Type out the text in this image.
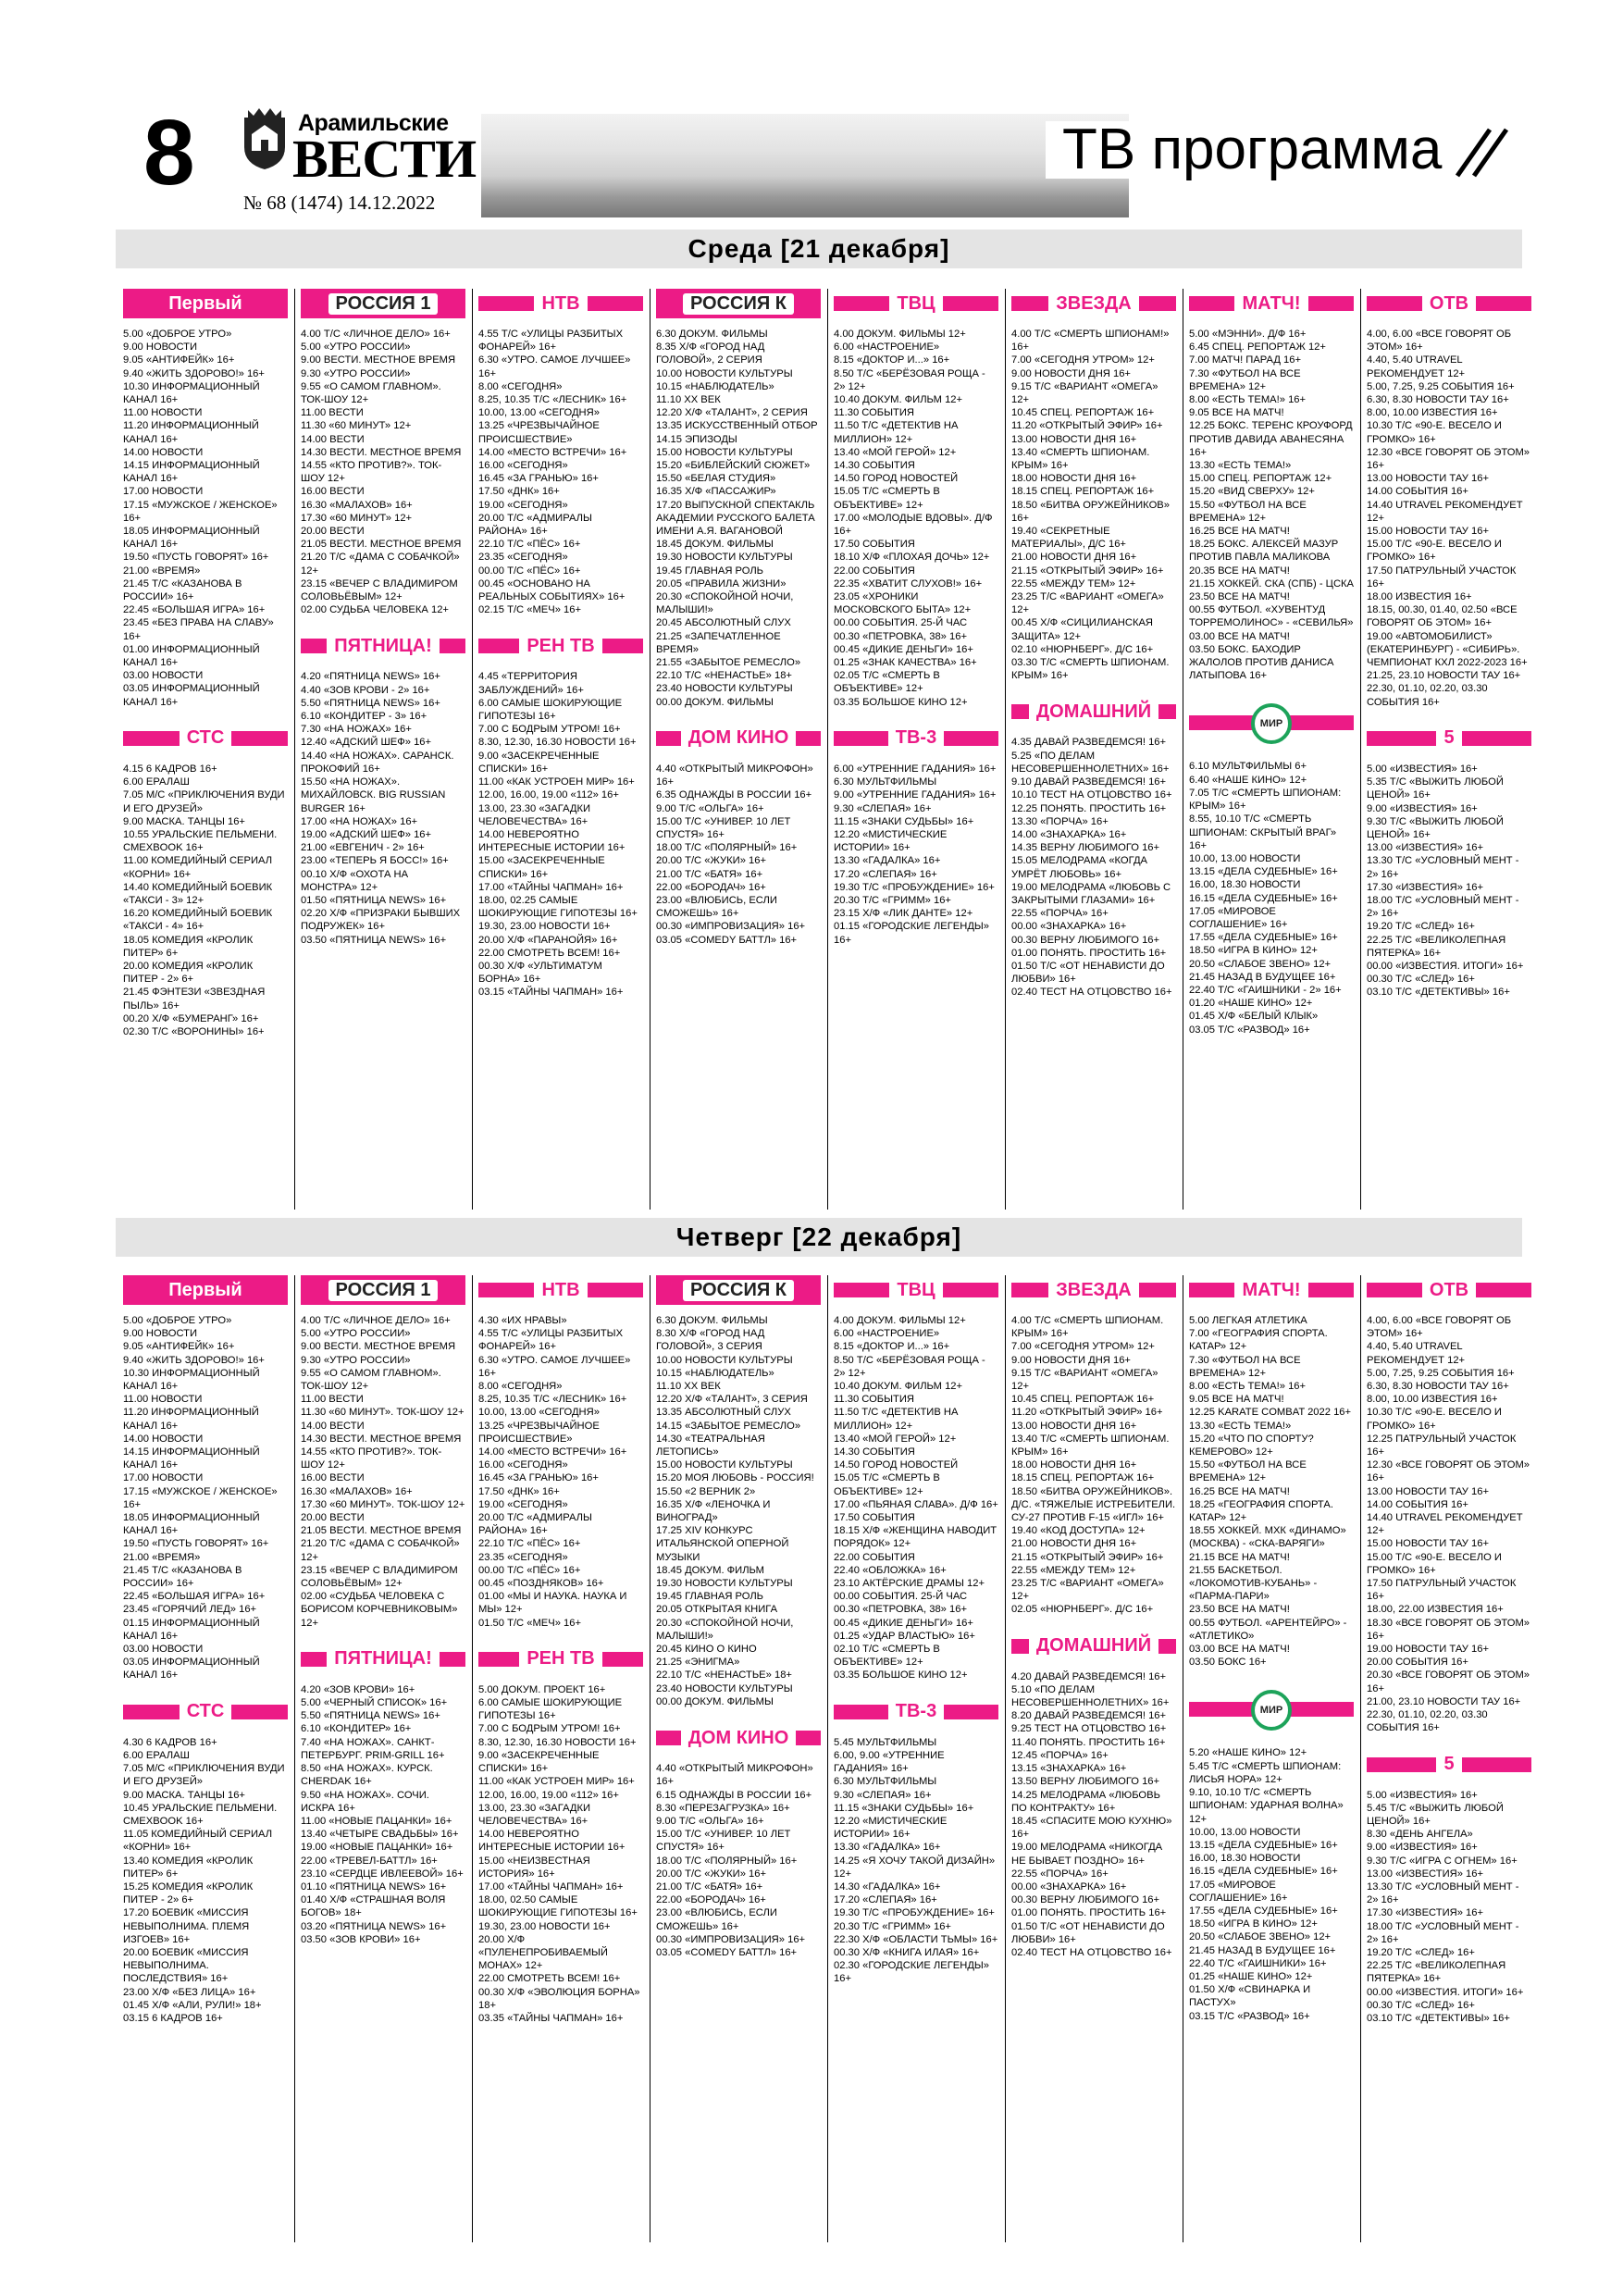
8	Арамильские
ВЕСТИ
№ 68 (1474) 14.12.2022
ТВ программа
Среда [21 декабря]
Первый
5.00 «ДОБРОЕ УТРО»
9.00 НОВОСТИ
9.05 «АНТИФЕЙК» 16+
9.40 «ЖИТЬ ЗДОРОВО!» 16+
10.30 ИНФОРМАЦИОННЫЙ КАНАЛ 16+
11.00 НОВОСТИ
11.20 ИНФОРМАЦИОННЫЙ КАНАЛ 16+
14.00 НОВОСТИ
14.15 ИНФОРМАЦИОННЫЙ КАНАЛ 16+
17.00 НОВОСТИ
17.15 «МУЖСКОЕ / ЖЕНСКОЕ» 16+
18.05 ИНФОРМАЦИОННЫЙ КАНАЛ 16+
19.50 «ПУСТЬ ГОВОРЯТ» 16+
21.00 «ВРЕМЯ»
21.45 Т/С «КАЗАНОВА В РОССИИ» 16+
22.45 «БОЛЬШАЯ ИГРА» 16+
23.45 «БЕЗ ПРАВА НА СЛАВУ» 16+
01.00 ИНФОРМАЦИОННЫЙ КАНАЛ 16+
03.00 НОВОСТИ
03.05 ИНФОРМАЦИОННЫЙ КАНАЛ 16+
СТС
4.15 6 КАДРОВ 16+
6.00 ЕРАЛАШ
7.05 М/С «ПРИКЛЮЧЕНИЯ ВУДИ И ЕГО ДРУЗЕЙ»
9.00 МАСКА. ТАНЦЫ 16+
10.55 УРАЛЬСКИЕ ПЕЛЬМЕНИ. СМЕХBOOK 16+
11.00 КОМЕДИЙНЫЙ СЕРИАЛ «КОРНИ» 16+
14.40 КОМЕДИЙНЫЙ БОЕВИК «ТАКСИ - 3» 12+
16.20 КОМЕДИЙНЫЙ БОЕВИК «ТАКСИ - 4» 16+
18.05 КОМЕДИЯ «КРОЛИК ПИТЕР» 6+
20.00 КОМЕДИЯ «КРОЛИК ПИТЕР - 2» 6+
21.45 ФЭНТЕЗИ «ЗВЕЗДНАЯ ПЫЛЬ» 16+
00.20 Х/Ф «БУМЕРАНГ» 16+
02.30 Т/С «ВОРОНИНЫ» 16+
РОССИЯ 1
4.00 Т/С «ЛИЧНОЕ ДЕЛО» 16+
5.00 «УТРО РОССИИ»
9.00 ВЕСТИ. МЕСТНОЕ ВРЕМЯ
9.30 «УТРО РОССИИ»
9.55 «О САМОМ ГЛАВНОМ». ТОК-ШОУ 12+
11.00 ВЕСТИ
11.30 «60 МИНУТ» 12+
14.00 ВЕСТИ
14.30 ВЕСТИ. МЕСТНОЕ ВРЕМЯ
14.55 «КТО ПРОТИВ?». ТОК-ШОУ 12+
16.00 ВЕСТИ
16.30 «МАЛАХОВ» 16+
17.30 «60 МИНУТ» 12+
20.00 ВЕСТИ
21.05 ВЕСТИ. МЕСТНОЕ ВРЕМЯ
21.20 Т/С «ДАМА С СОБАЧКОЙ» 12+
23.15 «ВЕЧЕР С ВЛАДИМИРОМ СОЛОВЬЁВЫМ» 12+
02.00 СУДЬБА ЧЕЛОВЕКА 12+
ПЯТНИЦА!
4.20 «ПЯТНИЦА NEWS» 16+
4.40 «ЗОВ КРОВИ - 2» 16+
5.50 «ПЯТНИЦА NEWS» 16+
6.10 «КОНДИТЕР - 3» 16+
7.30 «НА НОЖАХ» 16+
12.40 «АДСКИЙ ШЕФ» 16+
14.40 «НА НОЖАХ». САРАНСК. ПРОКОФИЙ 16+
15.50 «НА НОЖАХ». МИХАЙЛОВСК. BIG RUSSIAN BURGER 16+
17.00 «НА НОЖАХ» 16+
19.00 «АДСКИЙ ШЕФ» 16+
21.00 «ЕВГЕНИЧ - 2» 16+
23.00 «ТЕПЕРЬ Я БОСС!» 16+
00.10 Х/Ф «ОХОТА НА МОНСТРА» 12+
01.50 «ПЯТНИЦА NEWS» 16+
02.20 Х/Ф «ПРИЗРАКИ БЫВШИХ ПОДРУЖЕК» 16+
03.50 «ПЯТНИЦА NEWS» 16+
НТВ
4.55 Т/С «УЛИЦЫ РАЗБИТЫХ ФОНАРЕЙ» 16+
6.30 «УТРО. САМОЕ ЛУЧШЕЕ» 16+
8.00 «СЕГОДНЯ»
8.25, 10.35 Т/С «ЛЕСНИК» 16+
10.00, 13.00 «СЕГОДНЯ»
13.25 «ЧРЕЗВЫЧАЙНОЕ ПРОИСШЕСТВИЕ»
14.00 «МЕСТО ВСТРЕЧИ» 16+
16.00 «СЕГОДНЯ»
16.45 «ЗА ГРАНЬЮ» 16+
17.50 «ДНК» 16+
19.00 «СЕГОДНЯ»
20.00 Т/С «АДМИРАЛЫ РАЙОНА» 16+
22.10 Т/С «ПЁС» 16+
23.35 «СЕГОДНЯ»
00.00 Т/С «ПЁС» 16+
00.45 «ОСНОВАНО НА РЕАЛЬНЫХ СОБЫТИЯХ» 16+
02.15 Т/С «МЕЧ» 16+
РЕН ТВ
4.45 «ТЕРРИТОРИЯ ЗАБЛУЖДЕНИЙ» 16+
6.00 САМЫЕ ШОКИРУЮЩИЕ ГИПОТЕЗЫ 16+
7.00 С БОДРЫМ УТРОМ! 16+
8.30, 12.30, 16.30 НОВОСТИ 16+
9.00 «ЗАСЕКРЕЧЕННЫЕ СПИСКИ» 16+
11.00 «КАК УСТРОЕН МИР» 16+
12.00, 16.00, 19.00 «112» 16+
13.00, 23.30 «ЗАГАДКИ ЧЕЛОВЕЧЕСТВА» 16+
14.00 НЕВЕРОЯТНО ИНТЕРЕСНЫЕ ИСТОРИИ 16+
15.00 «ЗАСЕКРЕЧЕННЫЕ СПИСКИ» 16+
17.00 «ТАЙНЫ ЧАПМАН» 16+
18.00, 02.25 САМЫЕ ШОКИРУЮЩИЕ ГИПОТЕЗЫ 16+
19.30, 23.00 НОВОСТИ 16+
20.00 Х/Ф «ПАРАНОЙЯ» 16+
22.00 СМОТРЕТЬ ВСЕМ! 16+
00.30 Х/Ф «УЛЬТИМАТУМ БОРНА» 16+
03.15 «ТАЙНЫ ЧАПМАН» 16+
РОССИЯ К
6.30 ДОКУМ. ФИЛЬМЫ
8.35 Х/Ф «ГОРОД НАД ГОЛОВОЙ», 2 СЕРИЯ
10.00 НОВОСТИ КУЛЬТУРЫ
10.15 «НАБЛЮДАТЕЛЬ»
11.10 XX ВЕК
12.20 Х/Ф «ТАЛАНТ», 2 СЕРИЯ
13.35 ИСКУССТВЕННЫЙ ОТБОР
14.15 ЭПИЗОДЫ
15.00 НОВОСТИ КУЛЬТУРЫ
15.20 «БИБЛЕЙСКИЙ СЮЖЕТ»
15.50 «БЕЛАЯ СТУДИЯ»
16.35 Х/Ф «ПАССАЖИР»
17.20 ВЫПУСКНОЙ СПЕКТАКЛЬ АКАДЕМИИ РУССКОГО БАЛЕТА ИМЕНИ А.Я. ВАГАНОВОЙ
18.45 ДОКУМ. ФИЛЬМЫ
19.30 НОВОСТИ КУЛЬТУРЫ
19.45 ГЛАВНАЯ РОЛЬ
20.05 «ПРАВИЛА ЖИЗНИ»
20.30 «СПОКОЙНОЙ НОЧИ, МАЛЫШИ!»
20.45 АБСОЛЮТНЫЙ СЛУХ
21.25 «ЗАПЕЧАТЛЕННОЕ ВРЕМЯ»
21.55 «ЗАБЫТОЕ РЕМЕСЛО»
22.10 Т/С «НЕНАСТЬЕ» 18+
23.40 НОВОСТИ КУЛЬТУРЫ
00.00 ДОКУМ. ФИЛЬМЫ
ДОМ КИНО
4.40 «ОТКРЫТЫЙ МИКРОФОН» 16+
6.35 ОДНАЖДЫ В РОССИИ 16+
9.00 Т/С «ОЛЬГА» 16+
15.00 Т/С «УНИВЕР. 10 ЛЕТ СПУСТЯ» 16+
18.00 Т/С «ПОЛЯРНЫЙ» 16+
20.00 Т/С «ЖУКИ» 16+
21.00 Т/С «БАТЯ» 16+
22.00 «БОРОДАЧ» 16+
23.00 «ВЛЮБИСЬ, ЕСЛИ СМОЖЕШЬ» 16+
00.30 «ИМПРОВИЗАЦИЯ» 16+
03.05 «COMEDY БАТТЛ» 16+
ТВЦ
4.00 ДОКУМ. ФИЛЬМЫ 12+
6.00 «НАСТРОЕНИЕ»
8.15 «ДОКТОР И...» 16+
8.50 Т/С «БЕРЁЗОВАЯ РОЩА - 2» 12+
10.40 ДОКУМ. ФИЛЬМ 12+
11.30 СОБЫТИЯ
11.50 Т/С «ДЕТЕКТИВ НА МИЛЛИОН» 12+
13.40 «МОЙ ГЕРОЙ» 12+
14.30 СОБЫТИЯ
14.50 ГОРОД НОВОСТЕЙ
15.05 Т/С «СМЕРТЬ В ОБЪЕКТИВЕ» 12+
17.00 «МОЛОДЫЕ ВДОВЫ». Д/Ф 16+
17.50 СОБЫТИЯ
18.10 Х/Ф «ПЛОХАЯ ДОЧЬ» 12+
22.00 СОБЫТИЯ
22.35 «ХВАТИТ СЛУХОВ!» 16+
23.05 «ХРОНИКИ МОСКОВСКОГО БЫТА» 12+
00.00 СОБЫТИЯ. 25-Й ЧАС
00.30 «ПЕТРОВКА, 38» 16+
00.45 «ДИКИЕ ДЕНЬГИ» 16+
01.25 «ЗНАК КАЧЕСТВА» 16+
02.05 Т/С «СМЕРТЬ В ОБЪЕКТИВЕ» 12+
03.35 БОЛЬШОЕ КИНО 12+
ТВ-3
6.00 «УТРЕННИЕ ГАДАНИЯ» 16+
6.30 МУЛЬТФИЛЬМЫ
9.00 «УТРЕННИЕ ГАДАНИЯ» 16+
9.30 «СЛЕПАЯ» 16+
11.15 «ЗНАКИ СУДЬБЫ» 16+
12.20 «МИСТИЧЕСКИЕ ИСТОРИИ» 16+
13.30 «ГАДАЛКА» 16+
17.20 «СЛЕПАЯ» 16+
19.30 Т/С «ПРОБУЖДЕНИЕ» 16+
20.30 Т/С «ГРИММ» 16+
23.15 Х/Ф «ЛИК ДАНТЕ» 12+
01.15 «ГОРОДСКИЕ ЛЕГЕНДЫ» 16+
ЗВЕЗДА
4.00 Т/С «СМЕРТЬ ШПИОНАМ!» 16+
7.00 «СЕГОДНЯ УТРОМ» 12+
9.00 НОВОСТИ ДНЯ 16+
9.15 Т/С «ВАРИАНТ «ОМЕГА» 12+
10.45 СПЕЦ. РЕПОРТАЖ 16+
11.20 «ОТКРЫТЫЙ ЭФИР» 16+
13.00 НОВОСТИ ДНЯ 16+
13.40 «СМЕРТЬ ШПИОНАМ. КРЫМ» 16+
18.00 НОВОСТИ ДНЯ 16+
18.15 СПЕЦ. РЕПОРТАЖ 16+
18.50 «БИТВА ОРУЖЕЙНИКОВ» 16+
19.40 «СЕКРЕТНЫЕ МАТЕРИАЛЫ», Д/С 16+
21.00 НОВОСТИ ДНЯ 16+
21.15 «ОТКРЫТЫЙ ЭФИР» 16+
22.55 «МЕЖДУ ТЕМ» 12+
23.25 Т/С «ВАРИАНТ «ОМЕГА» 12+
00.45 Х/Ф «СИЦИЛИАНСКАЯ ЗАЩИТА» 12+
02.10 «НЮРНБЕРГ». Д/С 16+
03.30 Т/С «СМЕРТЬ ШПИОНАМ. КРЫМ» 16+
ДОМАШНИЙ
4.35 ДАВАЙ РАЗВЕДЕМСЯ! 16+
5.25 «ПО ДЕЛАМ НЕСОВЕРШЕННОЛЕТНИХ» 16+
9.10 ДАВАЙ РАЗВЕДЕМСЯ! 16+
10.10 ТЕСТ НА ОТЦОВСТВО 16+
12.25 ПОНЯТЬ. ПРОСТИТЬ 16+
13.30 «ПОРЧА» 16+
14.00 «ЗНАХАРКА» 16+
14.35 ВЕРНУ ЛЮБИМОГО 16+
15.05 МЕЛОДРАМА «КОГДА УМРЁТ ЛЮБОВЬ» 16+
19.00 МЕЛОДРАМА «ЛЮБОВЬ С ЗАКРЫТЫМИ ГЛАЗАМИ» 16+
22.55 «ПОРЧА» 16+
00.00 «ЗНАХАРКА» 16+
00.30 ВЕРНУ ЛЮБИМОГО 16+
01.00 ПОНЯТЬ. ПРОСТИТЬ 16+
01.50 Т/С «ОТ НЕНАВИСТИ ДО ЛЮБВИ» 16+
02.40 ТЕСТ НА ОТЦОВСТВО 16+
МАТЧ!
5.00 «МЭННИ». Д/Ф 16+
6.45 СПЕЦ. РЕПОРТАЖ 12+
7.00 МАТЧ! ПАРАД 16+
7.30 «ФУТБОЛ НА ВСЕ ВРЕМЕНА» 12+
8.00 «ЕСТЬ ТЕМА!» 16+
9.05 ВСЕ НА МАТЧ!
12.25 БОКС. ТЕРЕНС КРОУФОРД ПРОТИВ ДАВИДА АВАНЕСЯНА 16+
13.30 «ЕСТЬ ТЕМА!»
15.00 СПЕЦ. РЕПОРТАЖ 12+
15.20 «ВИД СВЕРХУ» 12+
15.50 «ФУТБОЛ НА ВСЕ ВРЕМЕНА» 12+
16.25 ВСЕ НА МАТЧ!
18.25 БОКС. АЛЕКСЕЙ МАЗУР ПРОТИВ ПАВЛА МАЛИКОВА
20.35 ВСЕ НА МАТЧ!
21.15 ХОККЕЙ. СКА (СПБ) - ЦСКА
23.50 ВСЕ НА МАТЧ!
00.55 ФУТБОЛ. «ХУВЕНТУД ТОРРЕМОЛИНОС» - «СЕВИЛЬЯ»
03.00 ВСЕ НА МАТЧ!
03.50 БОКС. БАХОДИР ЖАЛОЛОВ ПРОТИВ ДАНИСА ЛАТЫПОВА 16+
МИР
6.10 МУЛЬТФИЛЬМЫ 6+
6.40 «НАШЕ КИНО» 12+
7.05 Т/С «СМЕРТЬ ШПИОНАМ: КРЫМ» 16+
8.55, 10.10 Т/С «СМЕРТЬ ШПИОНАМ: СКРЫТЫЙ ВРАГ» 16+
10.00, 13.00 НОВОСТИ
13.15 «ДЕЛА СУДЕБНЫЕ» 16+
16.00, 18.30 НОВОСТИ
16.15 «ДЕЛА СУДЕБНЫЕ» 16+
17.05 «МИРОВОЕ СОГЛАШЕНИЕ» 16+
17.55 «ДЕЛА СУДЕБНЫЕ» 16+
18.50 «ИГРА В КИНО» 12+
20.50 «СЛАБОЕ ЗВЕНО» 12+
21.45 НАЗАД В БУДУЩЕЕ 16+
22.40 Т/С «ГАИШНИКИ - 2» 16+
01.20 «НАШЕ КИНО» 12+
01.45 Х/Ф «БЕЛЫЙ КЛЫК»
03.05 Т/С «РАЗВОД» 16+
ОТВ
4.00, 6.00 «ВСЕ ГОВОРЯТ ОБ ЭТОМ» 16+
4.40, 5.40 UTRAVEL РЕКОМЕНДУЕТ 12+
5.00, 7.25, 9.25 СОБЫТИЯ 16+
6.30, 8.30 НОВОСТИ ТАУ 16+
8.00, 10.00 ИЗВЕСТИЯ 16+
10.30 Т/С «90-Е. ВЕСЕЛО И ГРОМКО» 16+
12.30 «ВСЕ ГОВОРЯТ ОБ ЭТОМ» 16+
13.00 НОВОСТИ ТАУ 16+
14.00 СОБЫТИЯ 16+
14.40 UTRAVEL РЕКОМЕНДУЕТ 12+
15.00 НОВОСТИ ТАУ 16+
15.00 Т/С «90-Е. ВЕСЕЛО И ГРОМКО» 16+
17.50 ПАТРУЛЬНЫЙ УЧАСТОК 16+
18.00 ИЗВЕСТИЯ 16+
18.15, 00.30, 01.40, 02.50 «ВСЕ ГОВОРЯТ ОБ ЭТОМ» 16+
19.00 «АВТОМОБИЛИСТ» (ЕКАТЕРИНБУРГ) - «СИБИРЬ». ЧЕМПИОНАТ КХЛ 2022-2023 16+
21.25, 23.10 НОВОСТИ ТАУ 16+
22.30, 01.10, 02.20, 03.30 СОБЫТИЯ 16+
5
5.00 «ИЗВЕСТИЯ» 16+
5.35 Т/С «ВЫЖИТЬ ЛЮБОЙ ЦЕНОЙ» 16+
9.00 «ИЗВЕСТИЯ» 16+
9.30 Т/С «ВЫЖИТЬ ЛЮБОЙ ЦЕНОЙ» 16+
13.00 «ИЗВЕСТИЯ» 16+
13.30 Т/С «УСЛОВНЫЙ МЕНТ - 2» 16+
17.30 «ИЗВЕСТИЯ» 16+
18.00 Т/С «УСЛОВНЫЙ МЕНТ - 2» 16+
19.20 Т/С «СЛЕД» 16+
22.25 Т/С «ВЕЛИКОЛЕПНАЯ ПЯТЕРКА» 16+
00.00 «ИЗВЕСТИЯ. ИТОГИ» 16+
00.30 Т/С «СЛЕД» 16+
03.10 Т/С «ДЕТЕКТИВЫ» 16+
Четверг [22 декабря]
Первый
5.00 «ДОБРОЕ УТРО»
9.00 НОВОСТИ
9.05 «АНТИФЕЙК» 16+
9.40 «ЖИТЬ ЗДОРОВО!» 16+
10.30 ИНФОРМАЦИОННЫЙ КАНАЛ 16+
11.00 НОВОСТИ
11.20 ИНФОРМАЦИОННЫЙ КАНАЛ 16+
14.00 НОВОСТИ
14.15 ИНФОРМАЦИОННЫЙ КАНАЛ 16+
17.00 НОВОСТИ
17.15 «МУЖСКОЕ / ЖЕНСКОЕ» 16+
18.05 ИНФОРМАЦИОННЫЙ КАНАЛ 16+
19.50 «ПУСТЬ ГОВОРЯТ» 16+
21.00 «ВРЕМЯ»
21.45 Т/С «КАЗАНОВА В РОССИИ» 16+
22.45 «БОЛЬШАЯ ИГРА» 16+
23.45 «ГОРЯЧИЙ ЛЕД» 16+
01.15 ИНФОРМАЦИОННЫЙ КАНАЛ 16+
03.00 НОВОСТИ
03.05 ИНФОРМАЦИОННЫЙ КАНАЛ 16+
СТС
4.30 6 КАДРОВ 16+
6.00 ЕРАЛАШ
7.05 М/С «ПРИКЛЮЧЕНИЯ ВУДИ И ЕГО ДРУЗЕЙ»
9.00 МАСКА. ТАНЦЫ 16+
10.45 УРАЛЬСКИЕ ПЕЛЬМЕНИ. СМЕХBOOK 16+
11.05 КОМЕДИЙНЫЙ СЕРИАЛ «КОРНИ» 16+
13.40 КОМЕДИЯ «КРОЛИК ПИТЕР» 6+
15.25 КОМЕДИЯ «КРОЛИК ПИТЕР - 2» 6+
17.20 БОЕВИК «МИССИЯ НЕВЫПОЛНИМА. ПЛЕМЯ ИЗГОЕВ» 16+
20.00 БОЕВИК «МИССИЯ НЕВЫПОЛНИМА. ПОСЛЕДСТВИЯ» 16+
23.00 Х/Ф «БЕЗ ЛИЦА» 16+
01.45 Х/Ф «АЛИ, РУЛИ!» 18+
03.15 6 КАДРОВ 16+
РОССИЯ 1
4.00 Т/С «ЛИЧНОЕ ДЕЛО» 16+
5.00 «УТРО РОССИИ»
9.00 ВЕСТИ. МЕСТНОЕ ВРЕМЯ
9.30 «УТРО РОССИИ»
9.55 «О САМОМ ГЛАВНОМ». ТОК-ШОУ 12+
11.00 ВЕСТИ
11.30 «60 МИНУТ». ТОК-ШОУ 12+
14.00 ВЕСТИ
14.30 ВЕСТИ. МЕСТНОЕ ВРЕМЯ
14.55 «КТО ПРОТИВ?». ТОК-ШОУ 12+
16.00 ВЕСТИ
16.30 «МАЛАХОВ» 16+
17.30 «60 МИНУТ». ТОК-ШОУ 12+
20.00 ВЕСТИ
21.05 ВЕСТИ. МЕСТНОЕ ВРЕМЯ
21.20 Т/С «ДАМА С СОБАЧКОЙ» 12+
23.15 «ВЕЧЕР С ВЛАДИМИРОМ СОЛОВЬЁВЫМ» 12+
02.00 «СУДЬБА ЧЕЛОВЕКА С БОРИСОМ КОРЧЕВНИКОВЫМ» 12+
ПЯТНИЦА!
4.20 «ЗОВ КРОВИ» 16+
5.00 «ЧЕРНЫЙ СПИСОК» 16+
5.50 «ПЯТНИЦА NEWS» 16+
6.10 «КОНДИТЕР» 16+
7.40 «НА НОЖАХ». САНКТ-ПЕТЕРБУРГ. PRIM-GRILL 16+
8.50 «НА НОЖАХ». КУРСК. CHERDAK 16+
9.50 «НА НОЖАХ». СОЧИ. ИСКРА 16+
11.00 «НОВЫЕ ПАЦАНКИ» 16+
13.40 «ЧЕТЫРЕ СВАДЬБЫ» 16+
19.00 «НОВЫЕ ПАЦАНКИ» 16+
22.00 «ТРЕВЕЛ-БАТТЛ» 16+
23.10 «СЕРДЦЕ ИВЛЕЕВОЙ» 16+
01.10 «ПЯТНИЦА NEWS» 16+
01.40 Х/Ф «СТРАШНАЯ ВОЛЯ БОГОВ» 18+
03.20 «ПЯТНИЦА NEWS» 16+
03.50 «ЗОВ КРОВИ» 16+
НТВ
4.30 «ИХ НРАВЫ»
4.55 Т/С «УЛИЦЫ РАЗБИТЫХ ФОНАРЕЙ» 16+
6.30 «УТРО. САМОЕ ЛУЧШЕЕ» 16+
8.00 «СЕГОДНЯ»
8.25, 10.35 Т/С «ЛЕСНИК» 16+
10.00, 13.00 «СЕГОДНЯ»
13.25 «ЧРЕЗВЫЧАЙНОЕ ПРОИСШЕСТВИЕ»
14.00 «МЕСТО ВСТРЕЧИ» 16+
16.00 «СЕГОДНЯ»
16.45 «ЗА ГРАНЬЮ» 16+
17.50 «ДНК» 16+
19.00 «СЕГОДНЯ»
20.00 Т/С «АДМИРАЛЫ РАЙОНА» 16+
22.10 Т/С «ПЁС» 16+
23.35 «СЕГОДНЯ»
00.00 Т/С «ПЁС» 16+
00.45 «ПОЗДНЯКОВ» 16+
01.00 «МЫ И НАУКА. НАУКА И МЫ» 12+
01.50 Т/С «МЕЧ» 16+
РЕН ТВ
5.00 ДОКУМ. ПРОЕКТ 16+
6.00 САМЫЕ ШОКИРУЮЩИЕ ГИПОТЕЗЫ 16+
7.00 С БОДРЫМ УТРОМ! 16+
8.30, 12.30, 16.30 НОВОСТИ 16+
9.00 «ЗАСЕКРЕЧЕННЫЕ СПИСКИ» 16+
11.00 «КАК УСТРОЕН МИР» 16+
12.00, 16.00, 19.00 «112» 16+
13.00, 23.30 «ЗАГАДКИ ЧЕЛОВЕЧЕСТВА» 16+
14.00 НЕВЕРОЯТНО ИНТЕРЕСНЫЕ ИСТОРИИ 16+
15.00 «НЕИЗВЕСТНАЯ ИСТОРИЯ» 16+
17.00 «ТАЙНЫ ЧАПМАН» 16+
18.00, 02.50 САМЫЕ ШОКИРУЮЩИЕ ГИПОТЕЗЫ 16+
19.30, 23.00 НОВОСТИ 16+
20.00 Х/Ф «ПУЛЕНЕПРОБИВАЕМЫЙ МОНАХ» 12+
22.00 СМОТРЕТЬ ВСЕМ! 16+
00.30 Х/Ф «ЭВОЛЮЦИЯ БОРНА» 18+
03.35 «ТАЙНЫ ЧАПМАН» 16+
РОССИЯ К
6.30 ДОКУМ. ФИЛЬМЫ
8.30 Х/Ф «ГОРОД НАД ГОЛОВОЙ», 3 СЕРИЯ
10.00 НОВОСТИ КУЛЬТУРЫ
10.15 «НАБЛЮДАТЕЛЬ»
11.10 XX ВЕК
12.20 Х/Ф «ТАЛАНТ», 3 СЕРИЯ
13.35 АБСОЛЮТНЫЙ СЛУХ
14.15 «ЗАБЫТОЕ РЕМЕСЛО»
14.30 «ТЕАТРАЛЬНАЯ ЛЕТОПИСЬ»
15.00 НОВОСТИ КУЛЬТУРЫ
15.20 МОЯ ЛЮБОВЬ - РОССИЯ!
15.50 «2 ВЕРНИК 2»
16.35 Х/Ф «ЛЕНОЧКА И ВИНОГРАД»
17.25 XIV КОНКУРС ИТАЛЬЯНСКОЙ ОПЕРНОЙ МУЗЫКИ
18.45 ДОКУМ. ФИЛЬМ
19.30 НОВОСТИ КУЛЬТУРЫ
19.45 ГЛАВНАЯ РОЛЬ
20.05 ОТКРЫТАЯ КНИГА
20.30 «СПОКОЙНОЙ НОЧИ, МАЛЫШИ!»
20.45 КИНО О КИНО
21.25 «ЭНИГМА»
22.10 Т/С «НЕНАСТЬЕ» 18+
23.40 НОВОСТИ КУЛЬТУРЫ
00.00 ДОКУМ. ФИЛЬМЫ
ДОМ КИНО
4.40 «ОТКРЫТЫЙ МИКРОФОН» 16+
6.15 ОДНАЖДЫ В РОССИИ 16+
8.30 «ПЕРЕЗАГРУЗКА» 16+
9.00 Т/С «ОЛЬГА» 16+
15.00 Т/С «УНИВЕР. 10 ЛЕТ СПУСТЯ» 16+
18.00 Т/С «ПОЛЯРНЫЙ» 16+
20.00 Т/С «ЖУКИ» 16+
21.00 Т/С «БАТЯ» 16+
22.00 «БОРОДАЧ» 16+
23.00 «ВЛЮБИСЬ, ЕСЛИ СМОЖЕШЬ» 16+
00.30 «ИМПРОВИЗАЦИЯ» 16+
03.05 «COMEDY БАТТЛ» 16+
ТВЦ
4.00 ДОКУМ. ФИЛЬМЫ 12+
6.00 «НАСТРОЕНИЕ»
8.15 «ДОКТОР И...» 16+
8.50 Т/С «БЕРЁЗОВАЯ РОЩА - 2» 12+
10.40 ДОКУМ. ФИЛЬМ 12+
11.30 СОБЫТИЯ
11.50 Т/С «ДЕТЕКТИВ НА МИЛЛИОН» 12+
13.40 «МОЙ ГЕРОЙ» 12+
14.30 СОБЫТИЯ
14.50 ГОРОД НОВОСТЕЙ
15.05 Т/С «СМЕРТЬ В ОБЪЕКТИВЕ» 12+
17.00 «ПЬЯНАЯ СЛАВА». Д/Ф 16+
17.50 СОБЫТИЯ
18.15 Х/Ф «ЖЕНЩИНА НАВОДИТ ПОРЯДОК» 12+
22.00 СОБЫТИЯ
22.40 «ОБЛОЖКА» 16+
23.10 АКТЁРСКИЕ ДРАМЫ 12+
00.00 СОБЫТИЯ. 25-Й ЧАС
00.30 «ПЕТРОВКА, 38» 16+
00.45 «ДИКИЕ ДЕНЬГИ» 16+
01.25 «УДАР ВЛАСТЬЮ» 16+
02.10 Т/С «СМЕРТЬ В ОБЪЕКТИВЕ» 12+
03.35 БОЛЬШОЕ КИНО 12+
ТВ-3
5.45 МУЛЬТФИЛЬМЫ
6.00, 9.00 «УТРЕННИЕ ГАДАНИЯ» 16+
6.30 МУЛЬТФИЛЬМЫ
9.30 «СЛЕПАЯ» 16+
11.15 «ЗНАКИ СУДЬБЫ» 16+
12.20 «МИСТИЧЕСКИЕ ИСТОРИИ» 16+
13.30 «ГАДАЛКА» 16+
14.25 «Я ХОЧУ ТАКОЙ ДИЗАЙН» 12+
14.30 «ГАДАЛКА» 16+
17.20 «СЛЕПАЯ» 16+
19.30 Т/С «ПРОБУЖДЕНИЕ» 16+
20.30 Т/С «ГРИММ» 16+
22.30 Х/Ф «ОБЛАСТИ ТЬМЫ» 16+
00.30 Х/Ф «КНИГА ИЛАЯ» 16+
02.30 «ГОРОДСКИЕ ЛЕГЕНДЫ» 16+
ЗВЕЗДА
4.00 Т/С «СМЕРТЬ ШПИОНАМ. КРЫМ» 16+
7.00 «СЕГОДНЯ УТРОМ» 12+
9.00 НОВОСТИ ДНЯ 16+
9.15 Т/С «ВАРИАНТ «ОМЕГА» 12+
10.45 СПЕЦ. РЕПОРТАЖ 16+
11.20 «ОТКРЫТЫЙ ЭФИР» 16+
13.00 НОВОСТИ ДНЯ 16+
13.40 Т/С «СМЕРТЬ ШПИОНАМ. КРЫМ» 16+
18.00 НОВОСТИ ДНЯ 16+
18.15 СПЕЦ. РЕПОРТАЖ 16+
18.50 «БИТВА ОРУЖЕЙНИКОВ». Д/С. «ТЯЖЕЛЫЕ ИСТРЕБИТЕЛИ. СУ-27 ПРОТИВ F-15 «ИГЛ» 16+
19.40 «КОД ДОСТУПА» 12+
21.00 НОВОСТИ ДНЯ 16+
21.15 «ОТКРЫТЫЙ ЭФИР» 16+
22.55 «МЕЖДУ ТЕМ» 12+
23.25 Т/С «ВАРИАНТ «ОМЕГА» 12+
02.05 «НЮРНБЕРГ». Д/С 16+
ДОМАШНИЙ
4.20 ДАВАЙ РАЗВЕДЕМСЯ! 16+
5.10 «ПО ДЕЛАМ НЕСОВЕРШЕННОЛЕТНИХ» 16+
8.20 ДАВАЙ РАЗВЕДЕМСЯ! 16+
9.25 ТЕСТ НА ОТЦОВСТВО 16+
11.40 ПОНЯТЬ. ПРОСТИТЬ 16+
12.45 «ПОРЧА» 16+
13.15 «ЗНАХАРКА» 16+
13.50 ВЕРНУ ЛЮБИМОГО 16+
14.25 МЕЛОДРАМА «ЛЮБОВЬ ПО КОНТРАКТУ» 16+
18.45 «СПАСИТЕ МОЮ КУХНЮ» 16+
19.00 МЕЛОДРАМА «НИКОГДА НЕ БЫВАЕТ ПОЗДНО» 16+
22.55 «ПОРЧА» 16+
00.00 «ЗНАХАРКА» 16+
00.30 ВЕРНУ ЛЮБИМОГО 16+
01.00 ПОНЯТЬ. ПРОСТИТЬ 16+
01.50 Т/С «ОТ НЕНАВИСТИ ДО ЛЮБВИ» 16+
02.40 ТЕСТ НА ОТЦОВСТВО 16+
МАТЧ!
5.00 ЛЕГКАЯ АТЛЕТИКА
7.00 «ГЕОГРАФИЯ СПОРТА. КАТАР» 12+
7.30 «ФУТБОЛ НА ВСЕ ВРЕМЕНА» 12+
8.00 «ЕСТЬ ТЕМА!» 16+
9.05 ВСЕ НА МАТЧ!
12.25 KARATE COMBAT 2022 16+
13.30 «ЕСТЬ ТЕМА!»
15.20 «ЧТО ПО СПОРТУ? КЕМЕРОВО» 12+
15.50 «ФУТБОЛ НА ВСЕ ВРЕМЕНА» 12+
16.25 ВСЕ НА МАТЧ!
18.25 «ГЕОГРАФИЯ СПОРТА. КАТАР» 12+
18.55 ХОККЕЙ. МХК «ДИНАМО» (МОСКВА) - «СКА-ВАРЯГИ»
21.15 ВСЕ НА МАТЧ!
21.55 БАСКЕТБОЛ. «ЛОКОМОТИВ-КУБАНЬ» - «ПАРМА-ПАРИ»
23.50 ВСЕ НА МАТЧ!
00.55 ФУТБОЛ. «АРЕНТЕЙРО» - «АТЛЕТИКО»
03.00 ВСЕ НА МАТЧ!
03.50 БОКС 16+
МИР
5.20 «НАШЕ КИНО» 12+
5.45 Т/С «СМЕРТЬ ШПИОНАМ: ЛИСЬЯ НОРА» 12+
9.10, 10.10 Т/С «СМЕРТЬ ШПИОНАМ: УДАРНАЯ ВОЛНА» 12+
10.00, 13.00 НОВОСТИ
13.15 «ДЕЛА СУДЕБНЫЕ» 16+
16.00, 18.30 НОВОСТИ
16.15 «ДЕЛА СУДЕБНЫЕ» 16+
17.05 «МИРОВОЕ СОГЛАШЕНИЕ» 16+
17.55 «ДЕЛА СУДЕБНЫЕ» 16+
18.50 «ИГРА В КИНО» 12+
20.50 «СЛАБОЕ ЗВЕНО» 12+
21.45 НАЗАД В БУДУЩЕЕ 16+
22.40 Т/С «ГАИШНИКИ» 16+
01.25 «НАШЕ КИНО» 12+
01.50 Х/Ф «СВИНАРКА И ПАСТУХ»
03.15 Т/С «РАЗВОД» 16+
ОТВ
4.00, 6.00 «ВСЕ ГОВОРЯТ ОБ ЭТОМ» 16+
4.40, 5.40 UTRAVEL РЕКОМЕНДУЕТ 12+
5.00, 7.25, 9.25 СОБЫТИЯ 16+
6.30, 8.30 НОВОСТИ ТАУ 16+
8.00, 10.00 ИЗВЕСТИЯ 16+
10.30 Т/С «90-Е. ВЕСЕЛО И ГРОМКО» 16+
12.25 ПАТРУЛЬНЫЙ УЧАСТОК 16+
12.30 «ВСЕ ГОВОРЯТ ОБ ЭТОМ» 16+
13.00 НОВОСТИ ТАУ 16+
14.00 СОБЫТИЯ 16+
14.40 UTRAVEL РЕКОМЕНДУЕТ 12+
15.00 НОВОСТИ ТАУ 16+
15.00 Т/С «90-Е. ВЕСЕЛО И ГРОМКО» 16+
17.50 ПАТРУЛЬНЫЙ УЧАСТОК 16+
18.00, 22.00 ИЗВЕСТИЯ 16+
18.30 «ВСЕ ГОВОРЯТ ОБ ЭТОМ» 16+
19.00 НОВОСТИ ТАУ 16+
20.00 СОБЫТИЯ 16+
20.30 «ВСЕ ГОВОРЯТ ОБ ЭТОМ» 16+
21.00, 23.10 НОВОСТИ ТАУ 16+
22.30, 01.10, 02.20, 03.30 СОБЫТИЯ 16+
5
5.00 «ИЗВЕСТИЯ» 16+
5.45 Т/С «ВЫЖИТЬ ЛЮБОЙ ЦЕНОЙ» 16+
8.30 «ДЕНЬ АНГЕЛА»
9.00 «ИЗВЕСТИЯ» 16+
9.30 Т/С «ИГРА С ОГНЕМ» 16+
13.00 «ИЗВЕСТИЯ» 16+
13.30 Т/С «УСЛОВНЫЙ МЕНТ - 2» 16+
17.30 «ИЗВЕСТИЯ» 16+
18.00 Т/С «УСЛОВНЫЙ МЕНТ - 2» 16+
19.20 Т/С «СЛЕД» 16+
22.25 Т/С «ВЕЛИКОЛЕПНАЯ ПЯТЕРКА» 16+
00.00 «ИЗВЕСТИЯ. ИТОГИ» 16+
00.30 Т/С «СЛЕД» 16+
03.10 Т/С «ДЕТЕКТИВЫ» 16+
